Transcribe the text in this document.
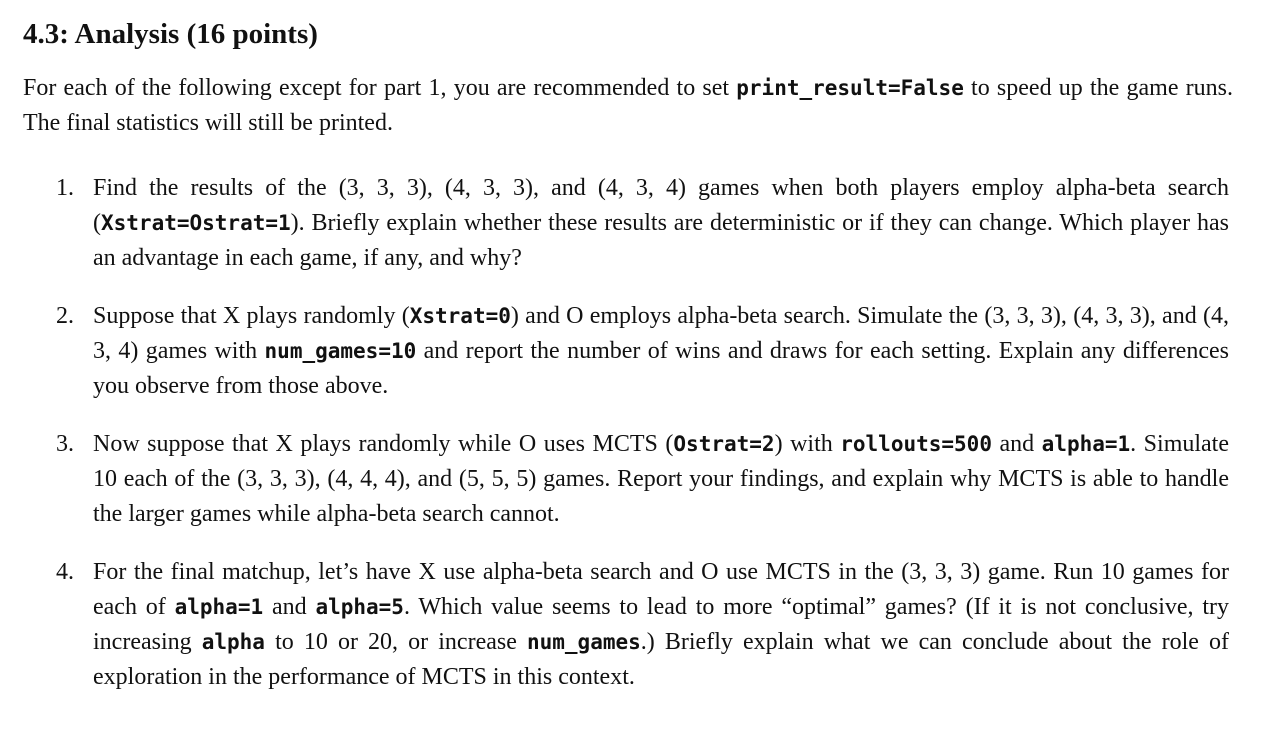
4.3: Analysis (16 points)

For each of the following except for part 1, you are recommended to set print_result=False to speed up the game runs. The final statistics will still be printed.

1. Find the results of the (3, 3, 3), (4, 3, 3), and (4, 3, 4) games when both players employ alpha-beta search (Xstrat=Ostrat=1). Briefly explain whether these results are deterministic or if they can change. Which player has an advantage in each game, if any, and why?
2. Suppose that X plays randomly (Xstrat=0) and O employs alpha-beta search. Simulate the (3, 3, 3), (4, 3, 3), and (4, 3, 4) games with num_games=10 and report the number of wins and draws for each setting. Explain any differences you observe from those above.
3. Now suppose that X plays randomly while O uses MCTS (Ostrat=2) with rollouts=500 and alpha=1. Simulate 10 each of the (3, 3, 3), (4, 4, 4), and (5, 5, 5) games. Report your findings, and explain why MCTS is able to handle the larger games while alpha-beta search cannot.
4. For the final matchup, let’s have X use alpha-beta search and O use MCTS in the (3, 3, 3) game. Run 10 games for each of alpha=1 and alpha=5. Which value seems to lead to more “optimal” games? (If it is not conclusive, try increasing alpha to 10 or 20, or increase num_games.) Briefly explain what we can conclude about the role of exploration in the performance of MCTS in this context.
